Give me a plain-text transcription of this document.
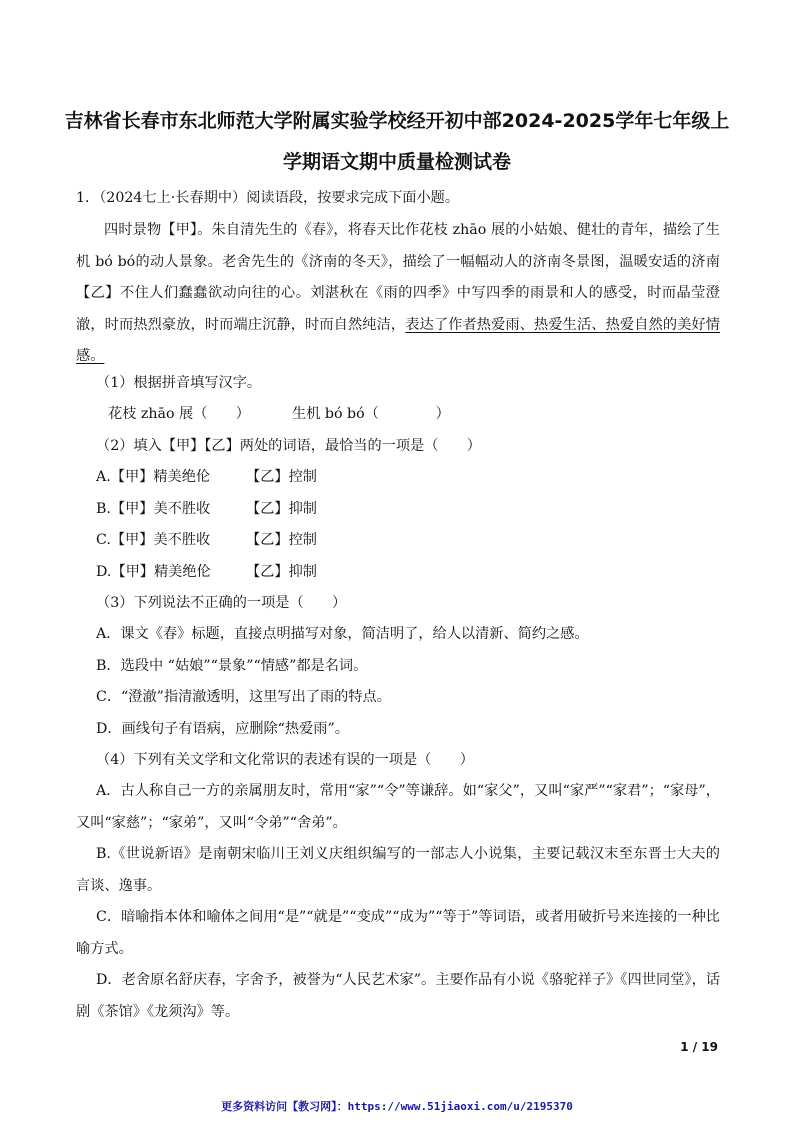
吉林省长春市东北师范大学附属实验学校经开初中部2024-2025学年七年级上
学期语文期中质量检测试卷
1．（2024七上·长春期中）阅读语段，按要求完成下面小题。
四时景物【甲】。朱自清先生的《春》，将春天比作花枝 zhāo 展的小姑娘、健壮的青年，描绘了生机 bó bó的动人景象。老舍先生的《济南的冬天》，描绘了一幅幅动人的济南冬景图，温暖安适的济南【乙】不住人们蠢蠢欲动向往的心。刘湛秋在《雨的四季》中写四季的雨景和人的感受，时而晶莹澄澈，时而热烈豪放，时而端庄沉静，时而自然纯洁，表达了作者热爱雨、热爱生活、热爱自然的美好情感。
（1）根据拼音填写汉字。
花枝 zhāo 展（　　）	生机 bó bó（　　　　）
（2）填入【甲】【乙】两处的词语，最恰当的一项是（　　）
A.【甲】精美绝伦	【乙】控制
B.【甲】美不胜收	【乙】抑制
C.【甲】美不胜收	【乙】控制
D.【甲】精美绝伦	【乙】抑制
（3）下列说法不正确的一项是（　　）
A．课文《春》标题，直接点明描写对象，简洁明了，给人以清新、简约之感。
B．选段中 “姑娘”“景象”“情感”都是名词。
C．“澄澈”指清澈透明，这里写出了雨的特点。
D．画线句子有语病，应删除“热爱雨”。
（4）下列有关文学和文化常识的表述有误的一项是（　　）
A．古人称自己一方的亲属朋友时，常用“家”“令”等谦辞。如“家父”，又叫“家严”“家君”；“家母”，又叫“家慈”；“家弟”，又叫“令弟”“舍弟”。
B.《世说新语》是南朝宋临川王刘义庆组织编写的一部志人小说集，主要记载汉末至东晋士大夫的言谈、逸事。
C．暗喻指本体和喻体之间用“是”“就是”“变成”“成为”“等于”等词语，或者用破折号来连接的一种比喻方式。
D．老舍原名舒庆春，字舍予，被誉为“人民艺术家”。主要作品有小说《骆驼祥子》《四世同堂》，话剧《茶馆》《龙须沟》等。
1 / 19
更多资料访问【教习网】：https://www.51jiaoxi.com/u/2195370
